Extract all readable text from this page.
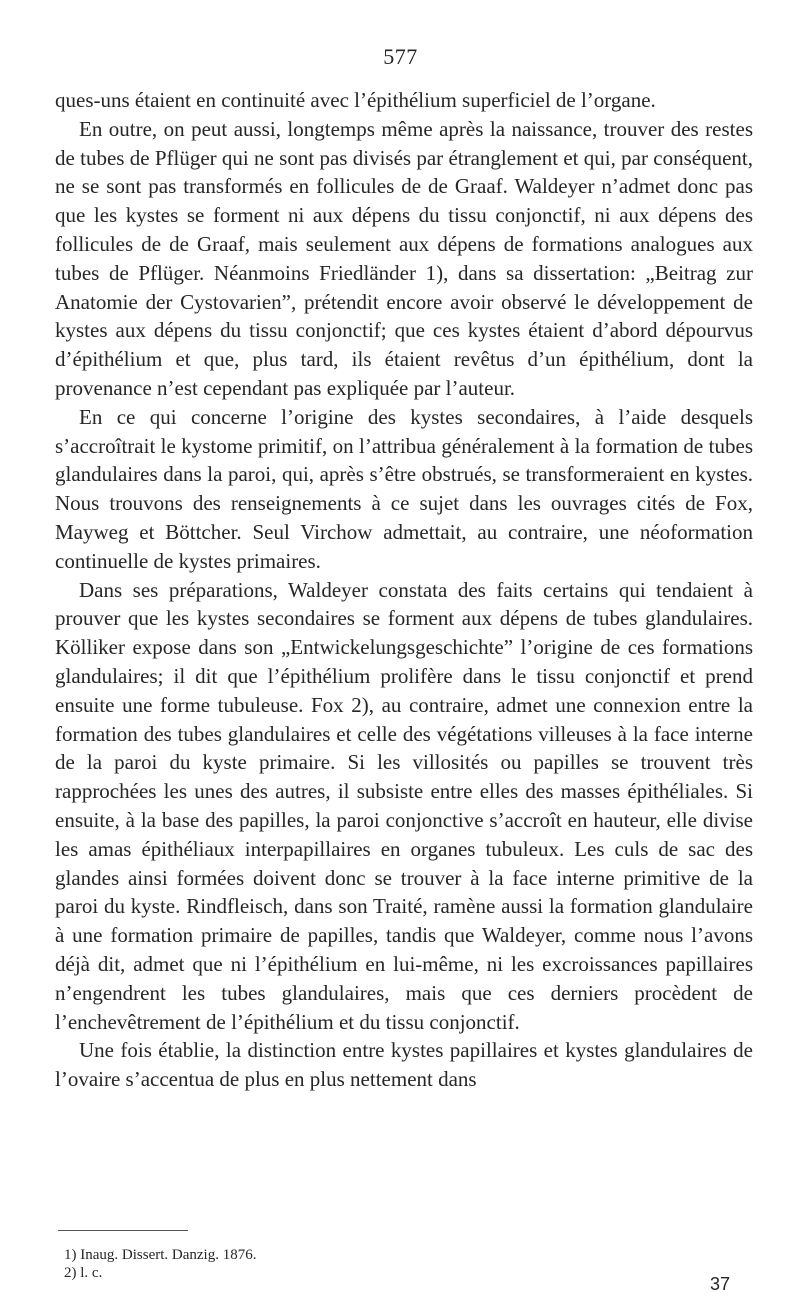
577

ques-uns étaient en continuité avec l’épithélium superficiel de l’organe.

En outre, on peut aussi, longtemps même après la naissance, trouver des restes de tubes de Pflüger qui ne sont pas divisés par étranglement et qui, par conséquent, ne se sont pas transformés en follicules de de Graaf. Waldeyer n’admet donc pas que les kystes se forment ni aux dépens du tissu conjonctif, ni aux dépens des follicules de de Graaf, mais seulement aux dépens de formations analogues aux tubes de Pflüger. Néanmoins Friedländer 1), dans sa dissertation: „Beitrag zur Anatomie der Cystovarien”, prétendit encore avoir observé le développement de kystes aux dépens du tissu conjonctif; que ces kystes étaient d’abord dépourvus d’épithélium et que, plus tard, ils étaient revêtus d’un épithélium, dont la provenance n’est cependant pas expliquée par l’auteur.

En ce qui concerne l’origine des kystes secondaires, à l’aide desquels s’accroîtrait le kystome primitif, on l’attribua généralement à la formation de tubes glandulaires dans la paroi, qui, après s’être obstrués, se transformeraient en kystes. Nous trouvons des renseignements à ce sujet dans les ouvrages cités de Fox, Mayweg et Böttcher. Seul Virchow admettait, au contraire, une néoformation continuelle de kystes primaires.

Dans ses préparations, Waldeyer constata des faits certains qui tendaient à prouver que les kystes secondaires se forment aux dépens de tubes glandulaires. Kölliker expose dans son „Entwickelungsgeschichte” l’origine de ces formations glandulaires; il dit que l’épithélium prolifère dans le tissu conjonctif et prend ensuite une forme tubuleuse. Fox 2), au contraire, admet une connexion entre la formation des tubes glandulaires et celle des végétations villeuses à la face interne de la paroi du kyste primaire. Si les villosités ou papilles se trouvent très rapprochées les unes des autres, il subsiste entre elles des masses épithéliales. Si ensuite, à la base des papilles, la paroi conjonctive s’accroît en hauteur, elle divise les amas épithéliaux interpapillaires en organes tubuleux. Les culs de sac des glandes ainsi formées doivent donc se trouver à la face interne primitive de la paroi du kyste. Rindfleisch, dans son Traité, ramène aussi la formation glandulaire à une formation primaire de papilles, tandis que Waldeyer, comme nous l’avons déjà dit, admet que ni l’épithélium en lui-même, ni les excroissances papillaires n’engendrent les tubes glandulaires, mais que ces derniers procèdent de l’enchevêtrement de l’épithélium et du tissu conjonctif.

Une fois établie, la distinction entre kystes papillaires et kystes glandulaires de l’ovaire s’accentua de plus en plus nettement dans

1) Inaug. Dissert. Danzig. 1876.
2) l. c.
37
